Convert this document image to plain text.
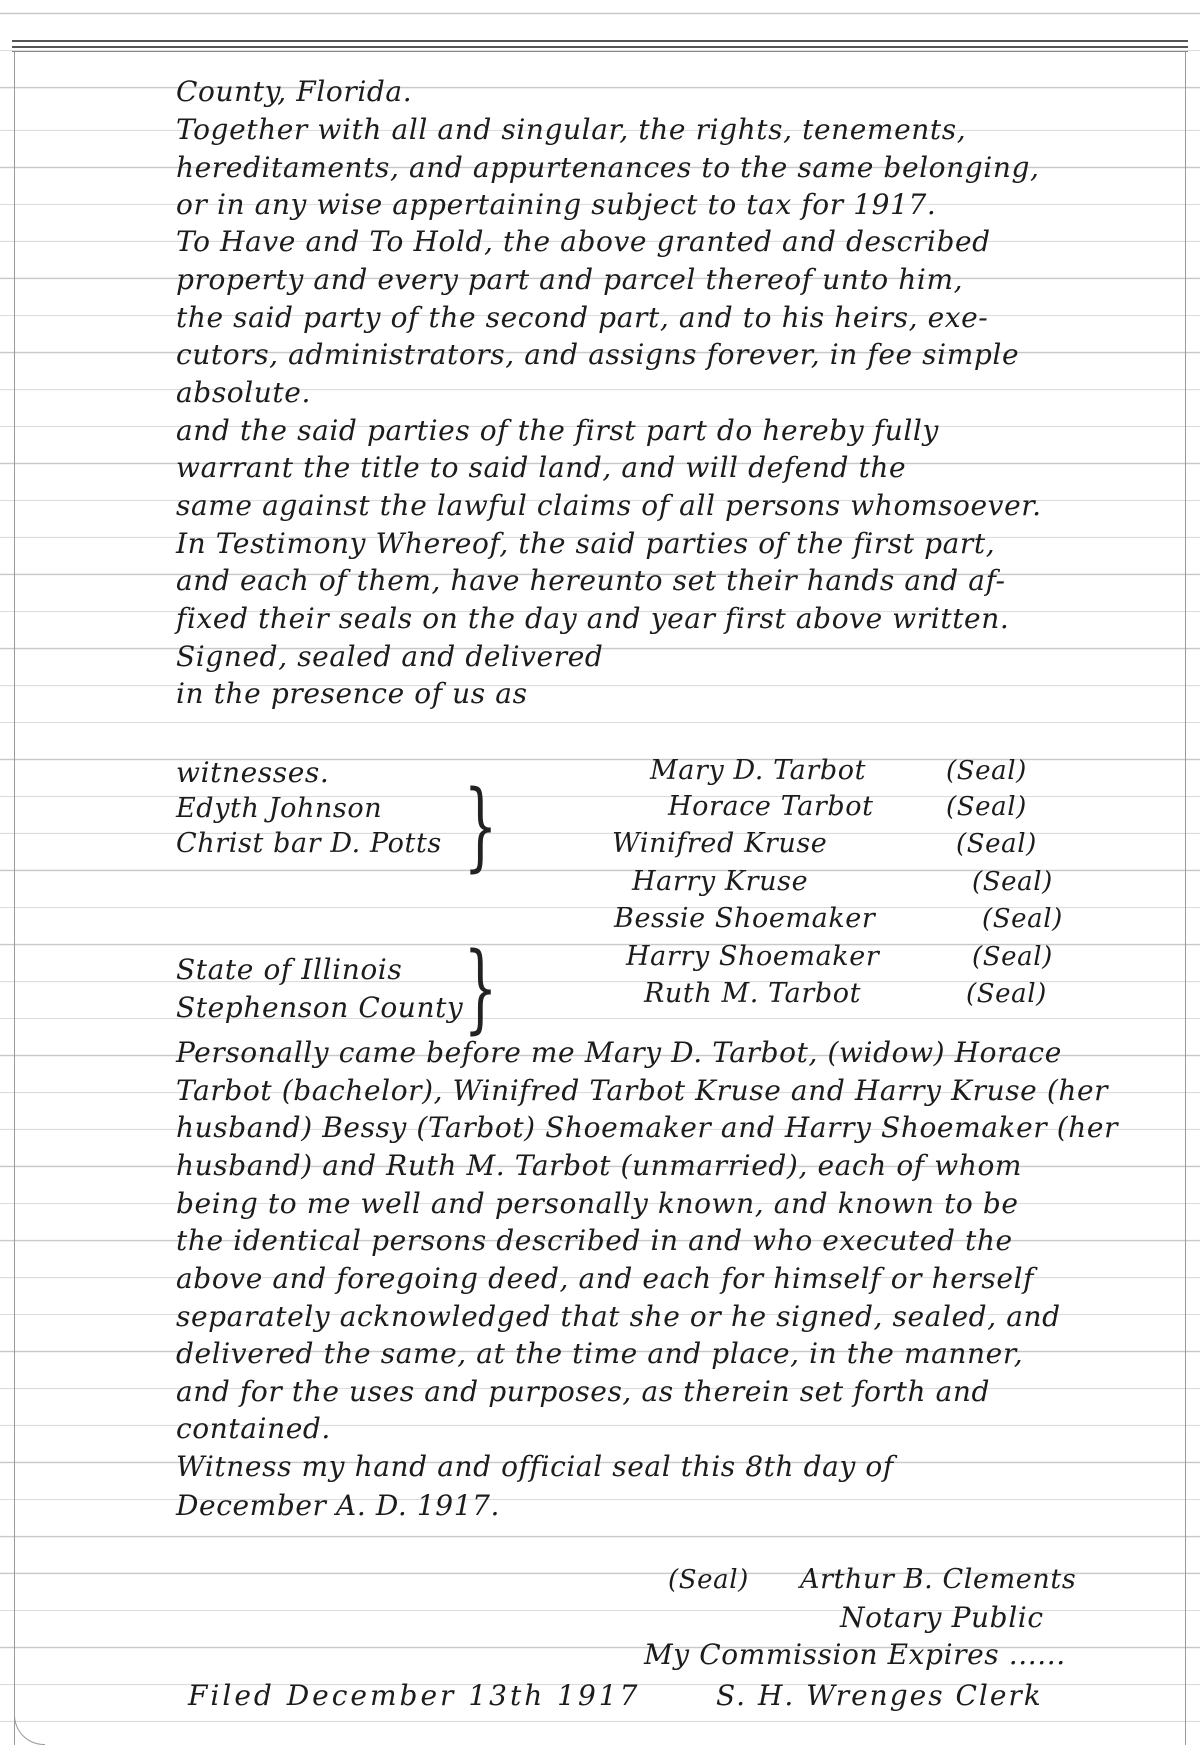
County, Florida.
Together with all and singular, the rights, tenements,
hereditaments, and appurtenances to the same belonging,
or in any wise appertaining subject to tax for 1917.
To Have and To Hold, the above granted and described
property and every part and parcel thereof unto him,
the said party of the second part, and to his heirs, exe-
cutors, administrators, and assigns forever, in fee simple
absolute.
and the said parties of the first part do hereby fully
warrant the title to said land, and will defend the
same against the lawful claims of all persons whomsoever.
In Testimony Whereof, the said parties of the first part,
and each of them, have hereunto set their hands and af-
fixed their seals on the day and year first above written.
Signed, sealed and delivered
in the presence of us as
witnesses.
Edyth Johnson
Christ bar D. Potts }	Mary D. Tarbot	(Seal)
Horace Tarbot	(Seal)
Winifred Kruse	(Seal)
Harry Kruse	(Seal)
Bessie Shoemaker	(Seal)
Harry Shoemaker	(Seal)
Ruth M. Tarbot	(Seal)
State of Illinois
Stephenson County }
Personally came before me Mary D. Tarbot, (widow) Horace
Tarbot (bachelor), Winifred Tarbot Kruse and Harry Kruse (her
husband) Bessy (Tarbot) Shoemaker and Harry Shoemaker (her
husband) and Ruth M. Tarbot (unmarried), each of whom
being to me well and personally known, and known to be
the identical persons described in and who executed the
above and foregoing deed, and each for himself or herself
separately acknowledged that she or he signed, sealed, and
delivered the same, at the time and place, in the manner,
and for the uses and purposes, as therein set forth and
contained.
Witness my hand and official seal this 8th day of
December A. D. 1917.
(Seal) Arthur B. Clements
Notary Public
My Commission Expires ......
Filed December 13th 1917	S. H. Wrenges Clerk
